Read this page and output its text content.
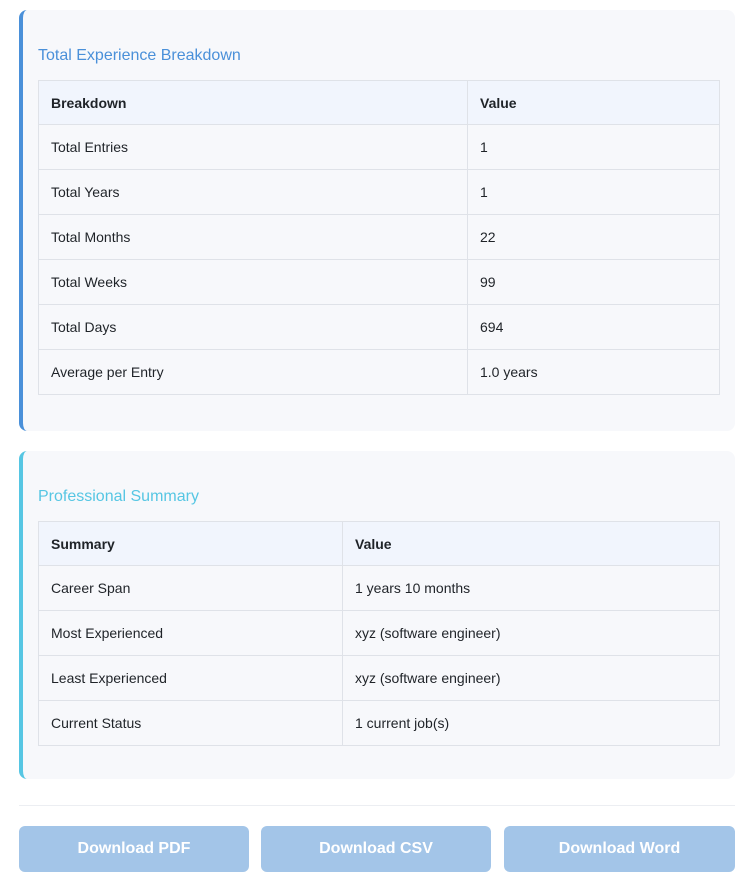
Total Experience Breakdown
Breakdown	Value
Total Entries	1
Total Years	1
Total Months	22
Total Weeks	99
Total Days	694
Average per Entry	1.0 years
Professional Summary
Summary	Value
Career Span	1 years 10 months
Most Experienced	xyz (software engineer)
Least Experienced	xyz (software engineer)
Current Status	1 current job(s)
Download PDF	Download CSV	Download Word
